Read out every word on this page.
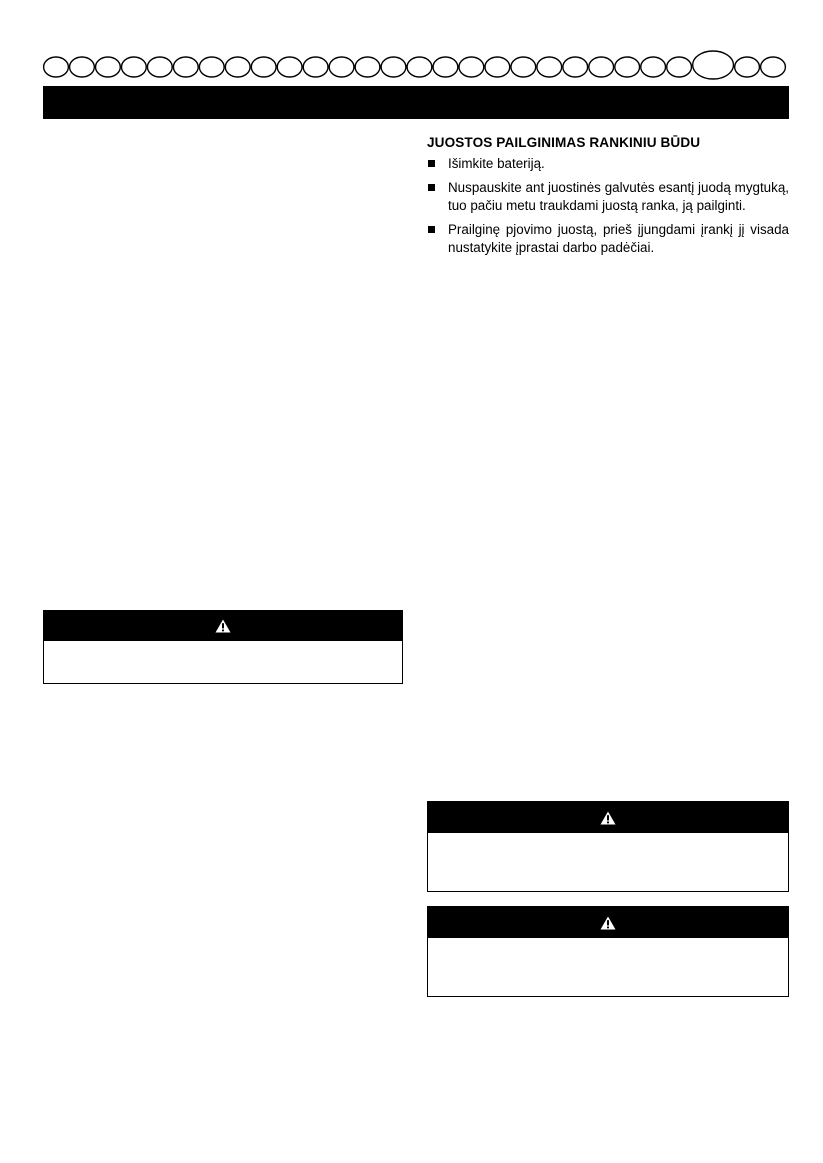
JUOSTOS PAILGINIMAS RANKINIU BŪDU
Išimkite bateriją.
Nuspauskite ant juostinės galvutės esantį juodą mygtuką, tuo pačiu metu traukdami juostą ranka, ją pailginti.
Prailginę pjovimo juostą, prieš įjungdami įrankį jį visada nustatykite įprastai darbo padėčiai.
